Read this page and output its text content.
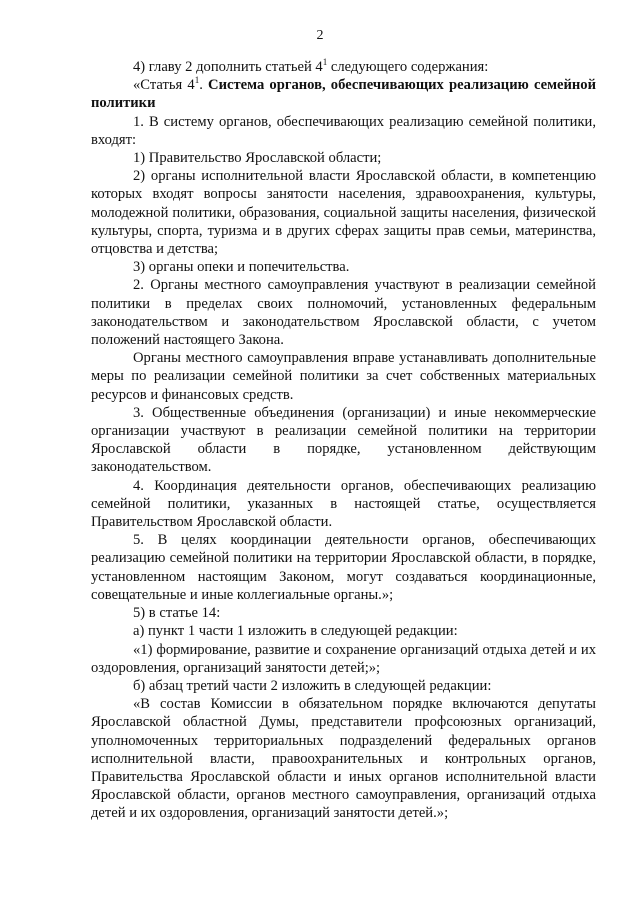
2

4) главу 2 дополнить статьей $4^1$ следующего содержания:

«Статья $4^1$. Система органов, обеспечивающих реализацию семейной политики

1. В систему органов, обеспечивающих реализацию семейной политики, входят:

1) Правительство Ярославской области;

2) органы исполнительной власти Ярославской области, в компетенцию которых входят вопросы занятости населения, здравоохранения, культуры, молодежной политики, образования, социальной защиты населения, физической культуры, спорта, туризма и в других сферах защиты прав семьи, материнства, отцовства и детства;

3) органы опеки и попечительства.

2. Органы местного самоуправления участвуют в реализации семейной политики в пределах своих полномочий, установленных федеральным законодательством и законодательством Ярославской области, с учетом положений настоящего Закона.

Органы местного самоуправления вправе устанавливать дополнительные меры по реализации семейной политики за счет собственных материальных ресурсов и финансовых средств.

3. Общественные объединения (организации) и иные некоммерческие организации участвуют в реализации семейной политики на территории Ярославской области в порядке, установленном действующим законодательством.

4. Координация деятельности органов, обеспечивающих реализацию семейной политики, указанных в настоящей статье, осуществляется Правительством Ярославской области.

5. В целях координации деятельности органов, обеспечивающих реализацию семейной политики на территории Ярославской области, в порядке, установленном настоящим Законом, могут создаваться координационные, совещательные и иные коллегиальные органы.»;

5) в статье 14:

а) пункт 1 части 1 изложить в следующей редакции:

«1) формирование, развитие и сохранение организаций отдыха детей и их оздоровления, организаций занятости детей;»;

б) абзац третий части 2 изложить в следующей редакции:

«В состав Комиссии в обязательном порядке включаются депутаты Ярославской областной Думы, представители профсоюзных организаций, уполномоченных территориальных подразделений федеральных органов исполнительной власти, правоохранительных и контрольных органов, Правительства Ярославской области и иных органов исполнительной власти Ярославской области, органов местного самоуправления, организаций отдыха детей и их оздоровления, организаций занятости детей.»;
